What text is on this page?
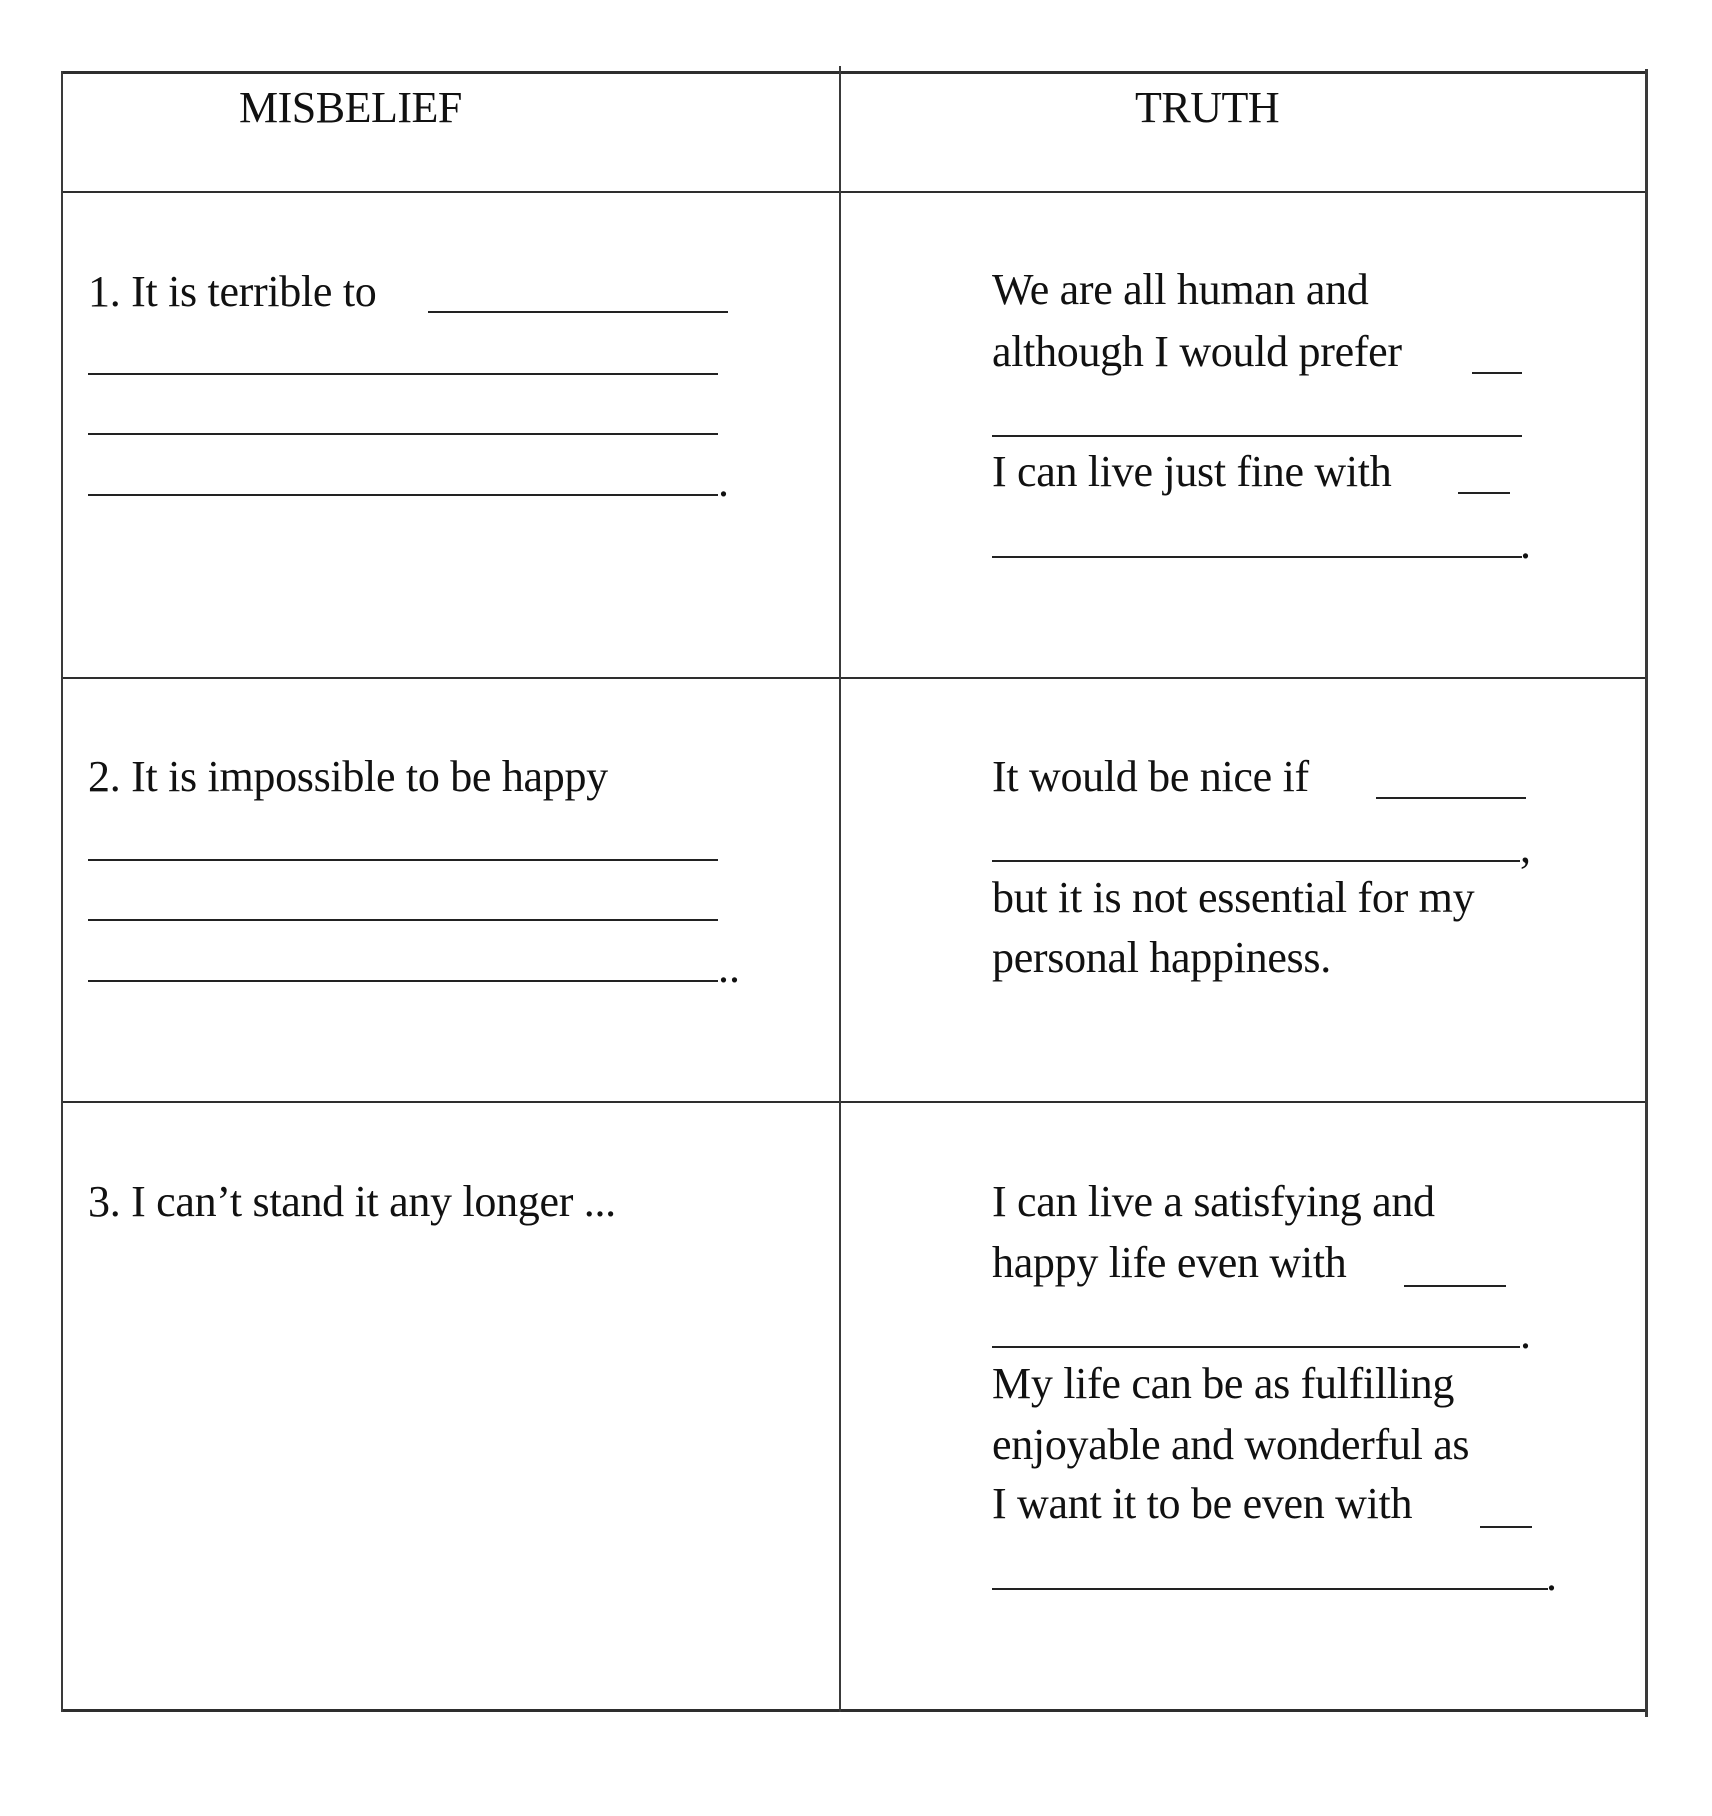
MISBELIEF	TRUTH
1. It is terrible to
.
We are all human and
although I would prefer
I can live just fine with
.
2. It is impossible to be happy
..
It would be nice if
,
but it is not essential for my
personal happiness.
3. I can’t stand it any longer ...	I can live a satisfying and
happy life even with
.
My life can be as fulfilling
enjoyable and wonderful as
I want it to be even with
.
